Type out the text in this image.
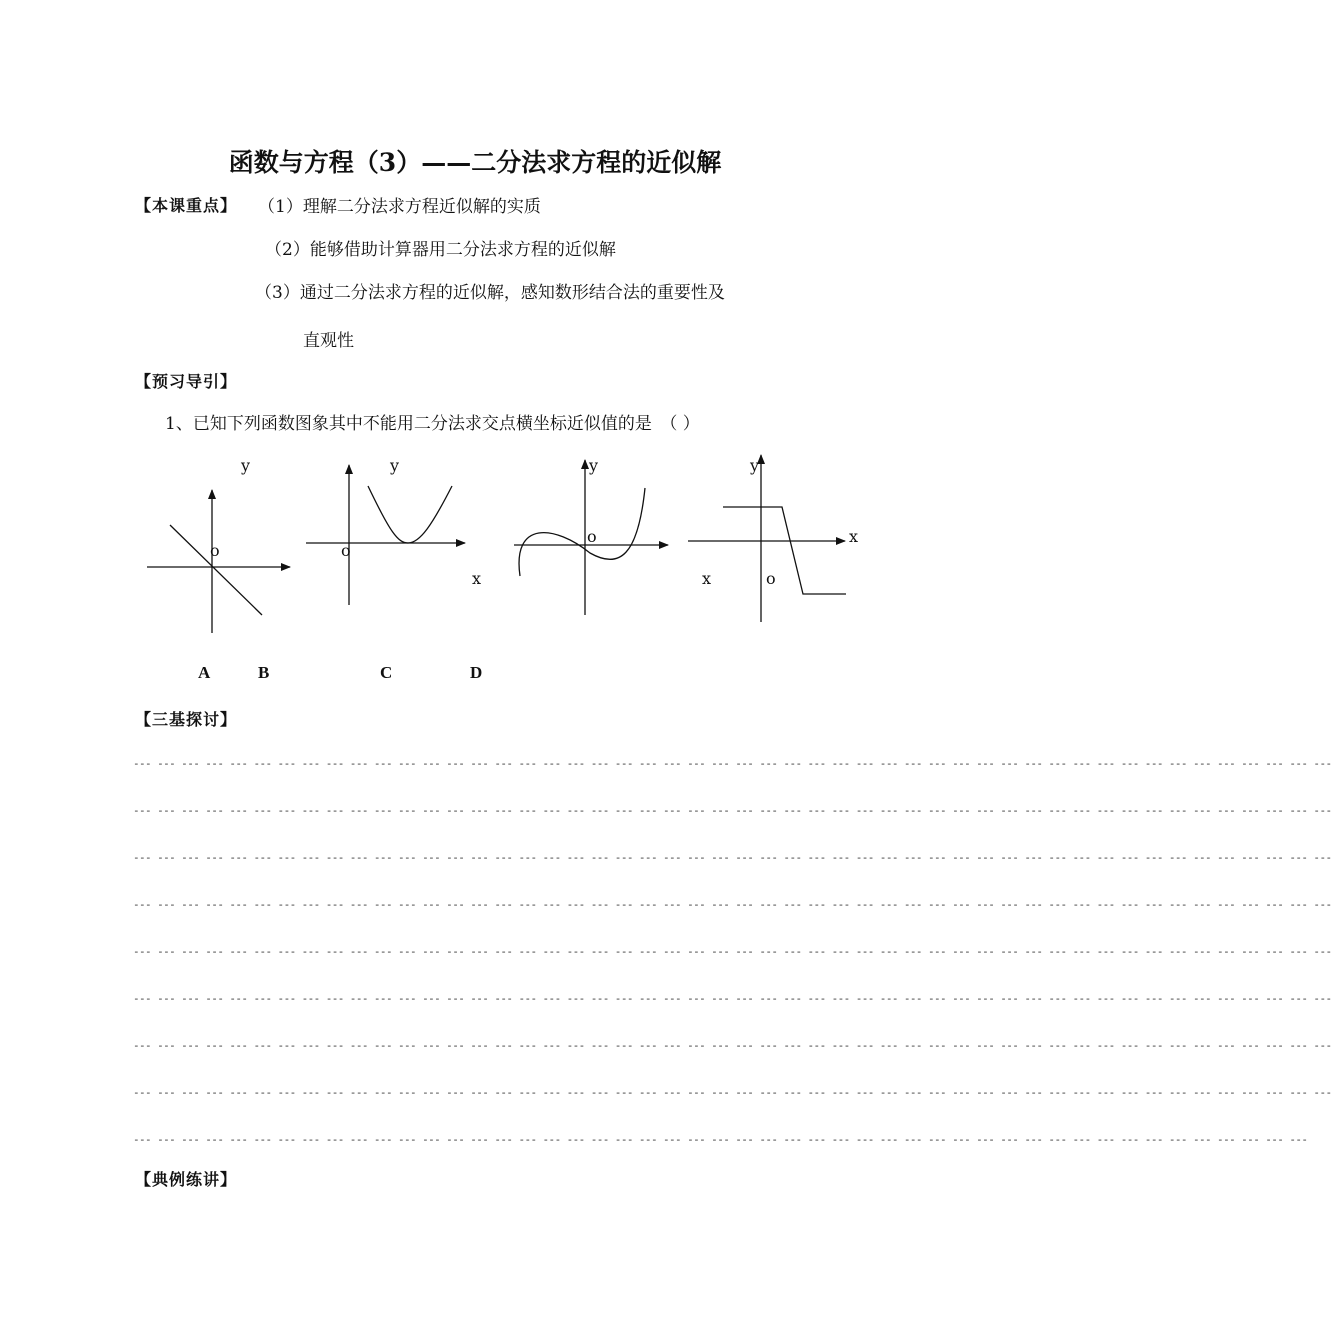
函数与方程（3）——二分法求方程的近似解
【本课重点】 （1）理解二分法求方程近似解的实质
（2）能够借助计算器用二分法求方程的近似解
（3）通过二分法求方程的近似解，感知数形结合法的重要性及
直观性
【预习导引】
1、已知下列函数图象其中不能用二分法求交点横坐标近似值的是　（ ）
y
o
y
o
x
y
o
y
x
x	o
A	B	C	D
【三基探讨】
--- --- --- --- --- --- --- --- --- --- --- --- --- --- --- --- --- --- --- --- --- --- --- --- --- --- --- --- --- --- --- --- --- --- --- --- --- --- --- --- --- --- --- --- --- --- --- --- --- ---
--- --- --- --- --- --- --- --- --- --- --- --- --- --- --- --- --- --- --- --- --- --- --- --- --- --- --- --- --- --- --- --- --- --- --- --- --- --- --- --- --- --- --- --- --- --- --- --- --- ---
--- --- --- --- --- --- --- --- --- --- --- --- --- --- --- --- --- --- --- --- --- --- --- --- --- --- --- --- --- --- --- --- --- --- --- --- --- --- --- --- --- --- --- --- --- --- --- --- --- ---
--- --- --- --- --- --- --- --- --- --- --- --- --- --- --- --- --- --- --- --- --- --- --- --- --- --- --- --- --- --- --- --- --- --- --- --- --- --- --- --- --- --- --- --- --- --- --- --- --- ---
--- --- --- --- --- --- --- --- --- --- --- --- --- --- --- --- --- --- --- --- --- --- --- --- --- --- --- --- --- --- --- --- --- --- --- --- --- --- --- --- --- --- --- --- --- --- --- --- --- ---
--- --- --- --- --- --- --- --- --- --- --- --- --- --- --- --- --- --- --- --- --- --- --- --- --- --- --- --- --- --- --- --- --- --- --- --- --- --- --- --- --- --- --- --- --- --- --- --- --- ---
--- --- --- --- --- --- --- --- --- --- --- --- --- --- --- --- --- --- --- --- --- --- --- --- --- --- --- --- --- --- --- --- --- --- --- --- --- --- --- --- --- --- --- --- --- --- --- --- --- ---
--- --- --- --- --- --- --- --- --- --- --- --- --- --- --- --- --- --- --- --- --- --- --- --- --- --- --- --- --- --- --- --- --- --- --- --- --- --- --- --- --- --- --- --- --- --- --- --- --- ---
--- --- --- --- --- --- --- --- --- --- --- --- --- --- --- --- --- --- --- --- --- --- --- --- --- --- --- --- --- --- --- --- --- --- --- --- --- --- --- --- --- --- --- --- --- --- --- --- ---
【典例练讲】
